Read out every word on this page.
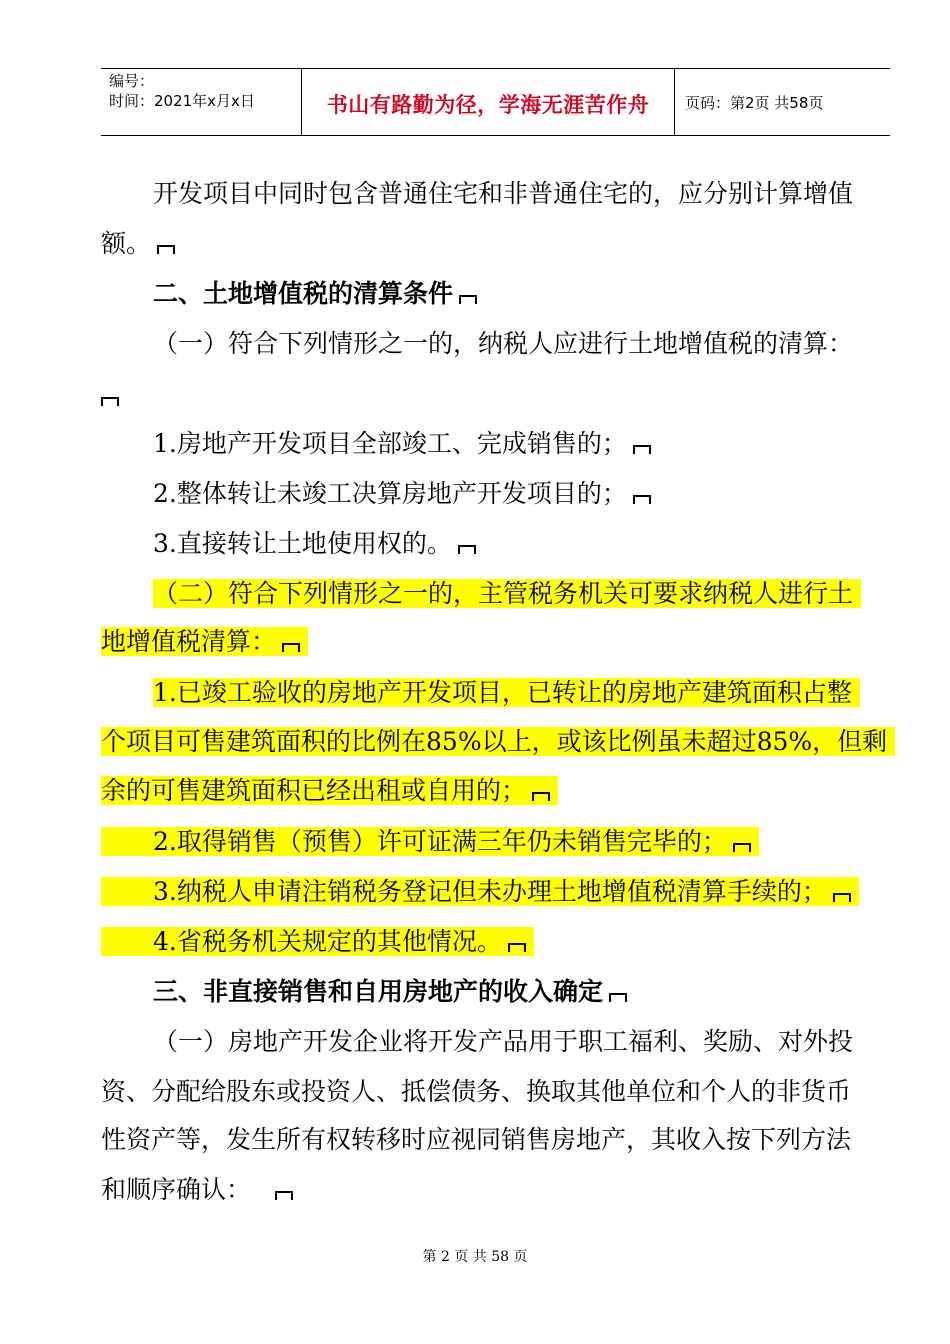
编号：
时间：2021年x月x日	书山有路勤为径，学海无涯苦作舟	页码：第2页 共58页
开发项目中同时包含普通住宅和非普通住宅的，应分别计算增值
额。
二、土地增值税的清算条件
（一）符合下列情形之一的，纳税人应进行土地增值税的清算：
1.房地产开发项目全部竣工、完成销售的；
2.整体转让未竣工决算房地产开发项目的；
3.直接转让土地使用权的。
（二）符合下列情形之一的，主管税务机关可要求纳税人进行土
地增值税清算：
1.已竣工验收的房地产开发项目，已转让的房地产建筑面积占整
个项目可售建筑面积的比例在85%以上，或该比例虽未超过85%，但剩
余的可售建筑面积已经出租或自用的；
2.取得销售（预售）许可证满三年仍未销售完毕的；
3.纳税人申请注销税务登记但未办理土地增值税清算手续的；
4.省税务机关规定的其他情况。
三、非直接销售和自用房地产的收入确定
（一）房地产开发企业将开发产品用于职工福利、奖励、对外投
资、分配给股东或投资人、抵偿债务、换取其他单位和个人的非货币
性资产等，发生所有权转移时应视同销售房地产，其收入按下列方法
和顺序确认：
第 2 页 共 58 页
